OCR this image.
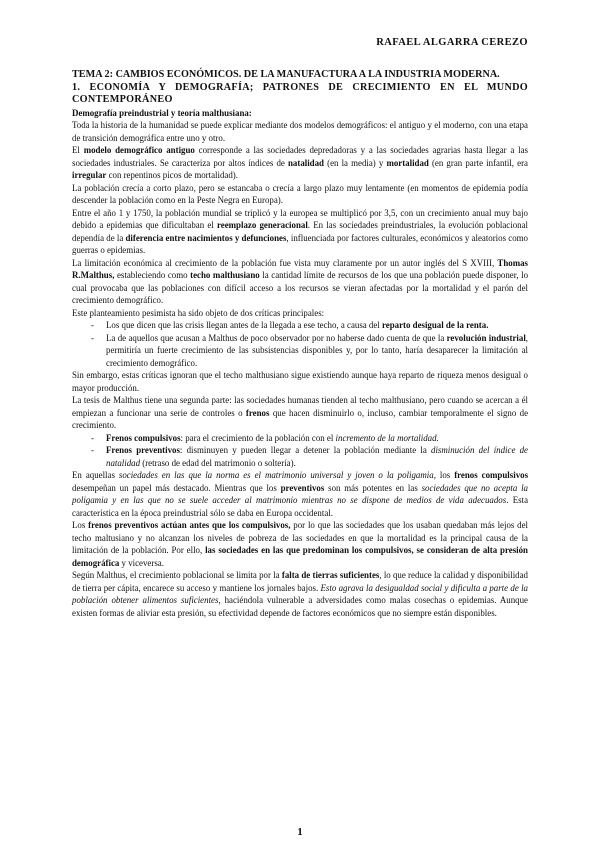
RAFAEL ALGARRA CEREZO

TEMA 2: CAMBIOS ECONÓMICOS. DE LA MANUFACTURA A LA INDUSTRIA MODERNA.

1. ECONOMÍA Y DEMOGRAFÍA; PATRONES DE CRECIMIENTO EN EL MUNDO CONTEMPORÁNEO

Demografía preindustrial y teoría malthusiana:

Toda la historia de la humanidad se puede explicar mediante dos modelos demográficos: el antiguo y el moderno, con una etapa de transición demográfica entre uno y otro.

El modelo demográfico antiguo corresponde a las sociedades depredadoras y a las sociedades agrarias hasta llegar a las sociedades industriales. Se caracteriza por altos índices de natalidad (en la media) y mortalidad (en gran parte infantil, era irregular con repentinos picos de mortalidad).

La población crecía a corto plazo, pero se estancaba o crecía a largo plazo muy lentamente (en momentos de epidemia podía descender la población como en la Peste Negra en Europa).

Entre el año 1 y 1750, la población mundial se triplicó y la europea se multiplicó por 3,5, con un crecimiento anual muy bajo debido a epidemias que dificultaban el reemplazo generacional. En las sociedades preindustriales, la evolución poblacional dependía de la diferencia entre nacimientos y defunciones, influenciada por factores culturales, económicos y aleatorios como guerras o epidemias.

La limitación económica al crecimiento de la población fue vista muy claramente por un autor inglés del S XVIII, Thomas R.Malthus, estableciendo como techo malthusiano la cantidad límite de recursos de los que una población puede disponer, lo cual provocaba que las poblaciones con difícil acceso a los recursos se vieran afectadas por la mortalidad y el parón del crecimiento demográfico.

Este planteamiento pesimista ha sido objeto de dos críticas principales:

- Los que dicen que las crisis llegan antes de la llegada a ese techo, a causa del reparto desigual de la renta.
- La de aquellos que acusan a Malthus de poco observador por no haberse dado cuenta de que la revolución industrial, permitiría un fuerte crecimiento de las subsistencias disponibles y, por lo tanto, haría desaparecer la limitación al crecimiento demográfico.

Sin embargo, estas críticas ignoran que el techo malthusiano sigue existiendo aunque haya reparto de riqueza menos desigual o mayor producción.

La tesis de Malthus tiene una segunda parte: las sociedades humanas tienden al techo malthusiano, pero cuando se acercan a él empiezan a funcionar una serie de controles o frenos que hacen disminuirlo o, incluso, cambiar temporalmente el signo de crecimiento.

- Frenos compulsivos: para el crecimiento de la población con el incremento de la mortalidad.
- Frenos preventivos: disminuyen y pueden llegar a detener la población mediante la disminución del índice de natalidad (retraso de edad del matrimonio o soltería).

En aquellas sociedades en las que la norma es el matrimonio universal y joven o la poligamia, los frenos compulsivos desempeñan un papel más destacado. Mientras que los preventivos son más potentes en las sociedades que no acepta la poligamia y en las que no se suele acceder al matrimonio mientras no se dispone de medios de vida adecuados. Esta característica en la época preindustrial sólo se daba en Europa occidental.

Los frenos preventivos actúan antes que los compulsivos, por lo que las sociedades que los usaban quedaban más lejos del techo maltusiano y no alcanzan los niveles de pobreza de las sociedades en que la mortalidad es la principal causa de la limitación de la población. Por ello, las sociedades en las que predominan los compulsivos, se consideran de alta presión demográfica y viceversa.

Según Malthus, el crecimiento poblacional se limita por la falta de tierras suficientes, lo que reduce la calidad y disponibilidad de tierra per cápita, encarece su acceso y mantiene los jornales bajos. Esto agrava la desigualdad social y dificulta a parte de la población obtener alimentos suficientes, haciéndola vulnerable a adversidades como malas cosechas o epidemias. Aunque existen formas de aliviar esta presión, su efectividad depende de factores económicos que no siempre están disponibles.

1
